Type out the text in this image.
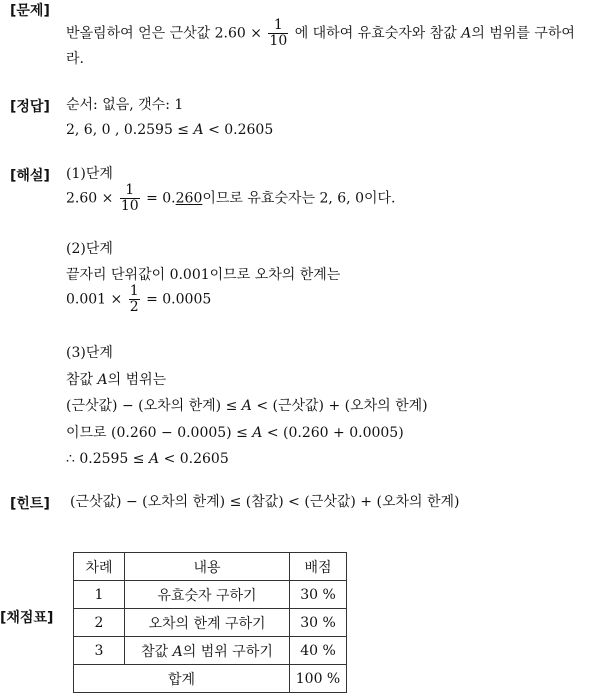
[문제]
반올림하여 얻은 근삿값 $2.60 \times \frac{1}{10}$ 에 대하여 유효숫자와 참값 A의 범위를 구하여
라.
[정답] 순서: 없음, 갯수: 1
2, 6, 0 , 0.2595 ≤ A < 0.2605
[해설] (1)단계
$2.60 \times \frac{1}{10} = 0.260$이므로 유효숫자는 2, 6, 0이다.
(2)단계
끝자리 단위값이 0.001이므로 오차의 한계는
$0.001 \times \frac{1}{2} = 0.0005$
(3)단계
참값 A의 범위는
(근삿값) − (오차의 한계) ≤ A < (근삿값) + (오차의 한계)
이므로 (0.260 − 0.0005) ≤ A < (0.260 + 0.0005)
∴ 0.2595 ≤ A < 0.2605
[힌트] (근삿값) − (오차의 한계) ≤ (참값) < (근삿값) + (오차의 한계)
[채점표]
차례	내용	배점
1	유효숫자 구하기	30 %
2	오차의 한계 구하기	30 %
3	참값 A의 범위 구하기	40 %
합계		100 %
